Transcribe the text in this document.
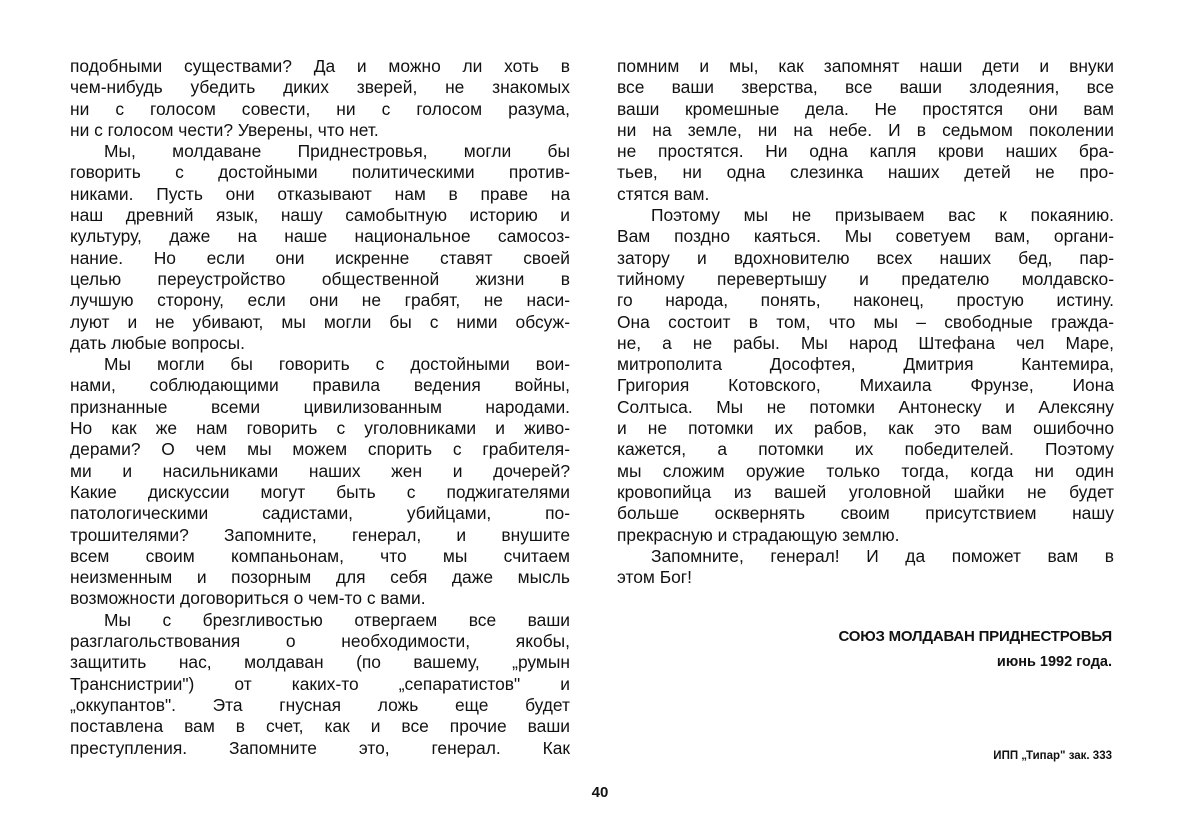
подобными существами? Да и можно ли хоть в
чем-нибудь убедить диких зверей, не знакомых
ни с голосом совести, ни с голосом разума,
ни с голосом чести? Уверены, что нет.
Мы, молдаване Приднестровья, могли бы
говорить с достойными политическими против-
никами. Пусть они отказывают нам в праве на
наш древний язык, нашу самобытную историю и
культуру, даже на наше национальное самосоз-
нание. Но если они искренне ставят своей
целью переустройство общественной жизни в
лучшую сторону, если они не грабят, не наси-
луют и не убивают, мы могли бы с ними обсуж-
дать любые вопросы.
Мы могли бы говорить с достойными вои-
нами, соблюдающими правила ведения войны,
признанные всеми цивилизованным народами.
Но как же нам говорить с уголовниками и живо-
дерами? О чем мы можем спорить с грабителя-
ми и насильниками наших жен и дочерей?
Какие дискуссии могут быть с поджигателями
патологическими садистами, убийцами, по-
трошителями? Запомните, генерал, и внушите
всем своим компаньонам, что мы считаем
неизменным и позорным для себя даже мысль
возможности договориться о чем-то с вами.
Мы с брезгливостью отвергаем все ваши
разглагольствования о необходимости, якобы,
защитить нас, молдаван (по вашему, „румын
Транснистрии") от каких-то „сепаратистов" и
„оккупантов". Эта гнусная ложь еще будет
поставлена вам в счет, как и все прочие ваши
преступления. Запомните это, генерал. Как
помним и мы, как запомнят наши дети и внуки
все ваши зверства, все ваши злодеяния, все
ваши кромешные дела. Не простятся они вам
ни на земле, ни на небе. И в седьмом поколении
не простятся. Ни одна капля крови наших бра-
тьев, ни одна слезинка наших детей не про-
стятся вам.
Поэтому мы не призываем вас к покаянию.
Вам поздно каяться. Мы советуем вам, органи-
затору и вдохновителю всех наших бед, пар-
тийному перевертышу и предателю молдавско-
го народа, понять, наконец, простую истину.
Она состоит в том, что мы – свободные гражда-
не, а не рабы. Мы народ Штефана чел Маре,
митрополита Дософтея, Дмитрия Кантемира,
Григория Котовского, Михаила Фрунзе, Иона
Солтыса. Мы не потомки Антонеску и Алексяну
и не потомки их рабов, как это вам ошибочно
кажется, а потомки их победителей. Поэтому
мы сложим оружие только тогда, когда ни один
кровопийца из вашей уголовной шайки не будет
больше осквернять своим присутствием нашу
прекрасную и страдающую землю.
Запомните, генерал! И да поможет вам в
этом Бог!
СОЮЗ МОЛДАВАН ПРИДНЕСТРОВЬЯ
июнь 1992 года.
ИПП „Типар" зак. 333
40
